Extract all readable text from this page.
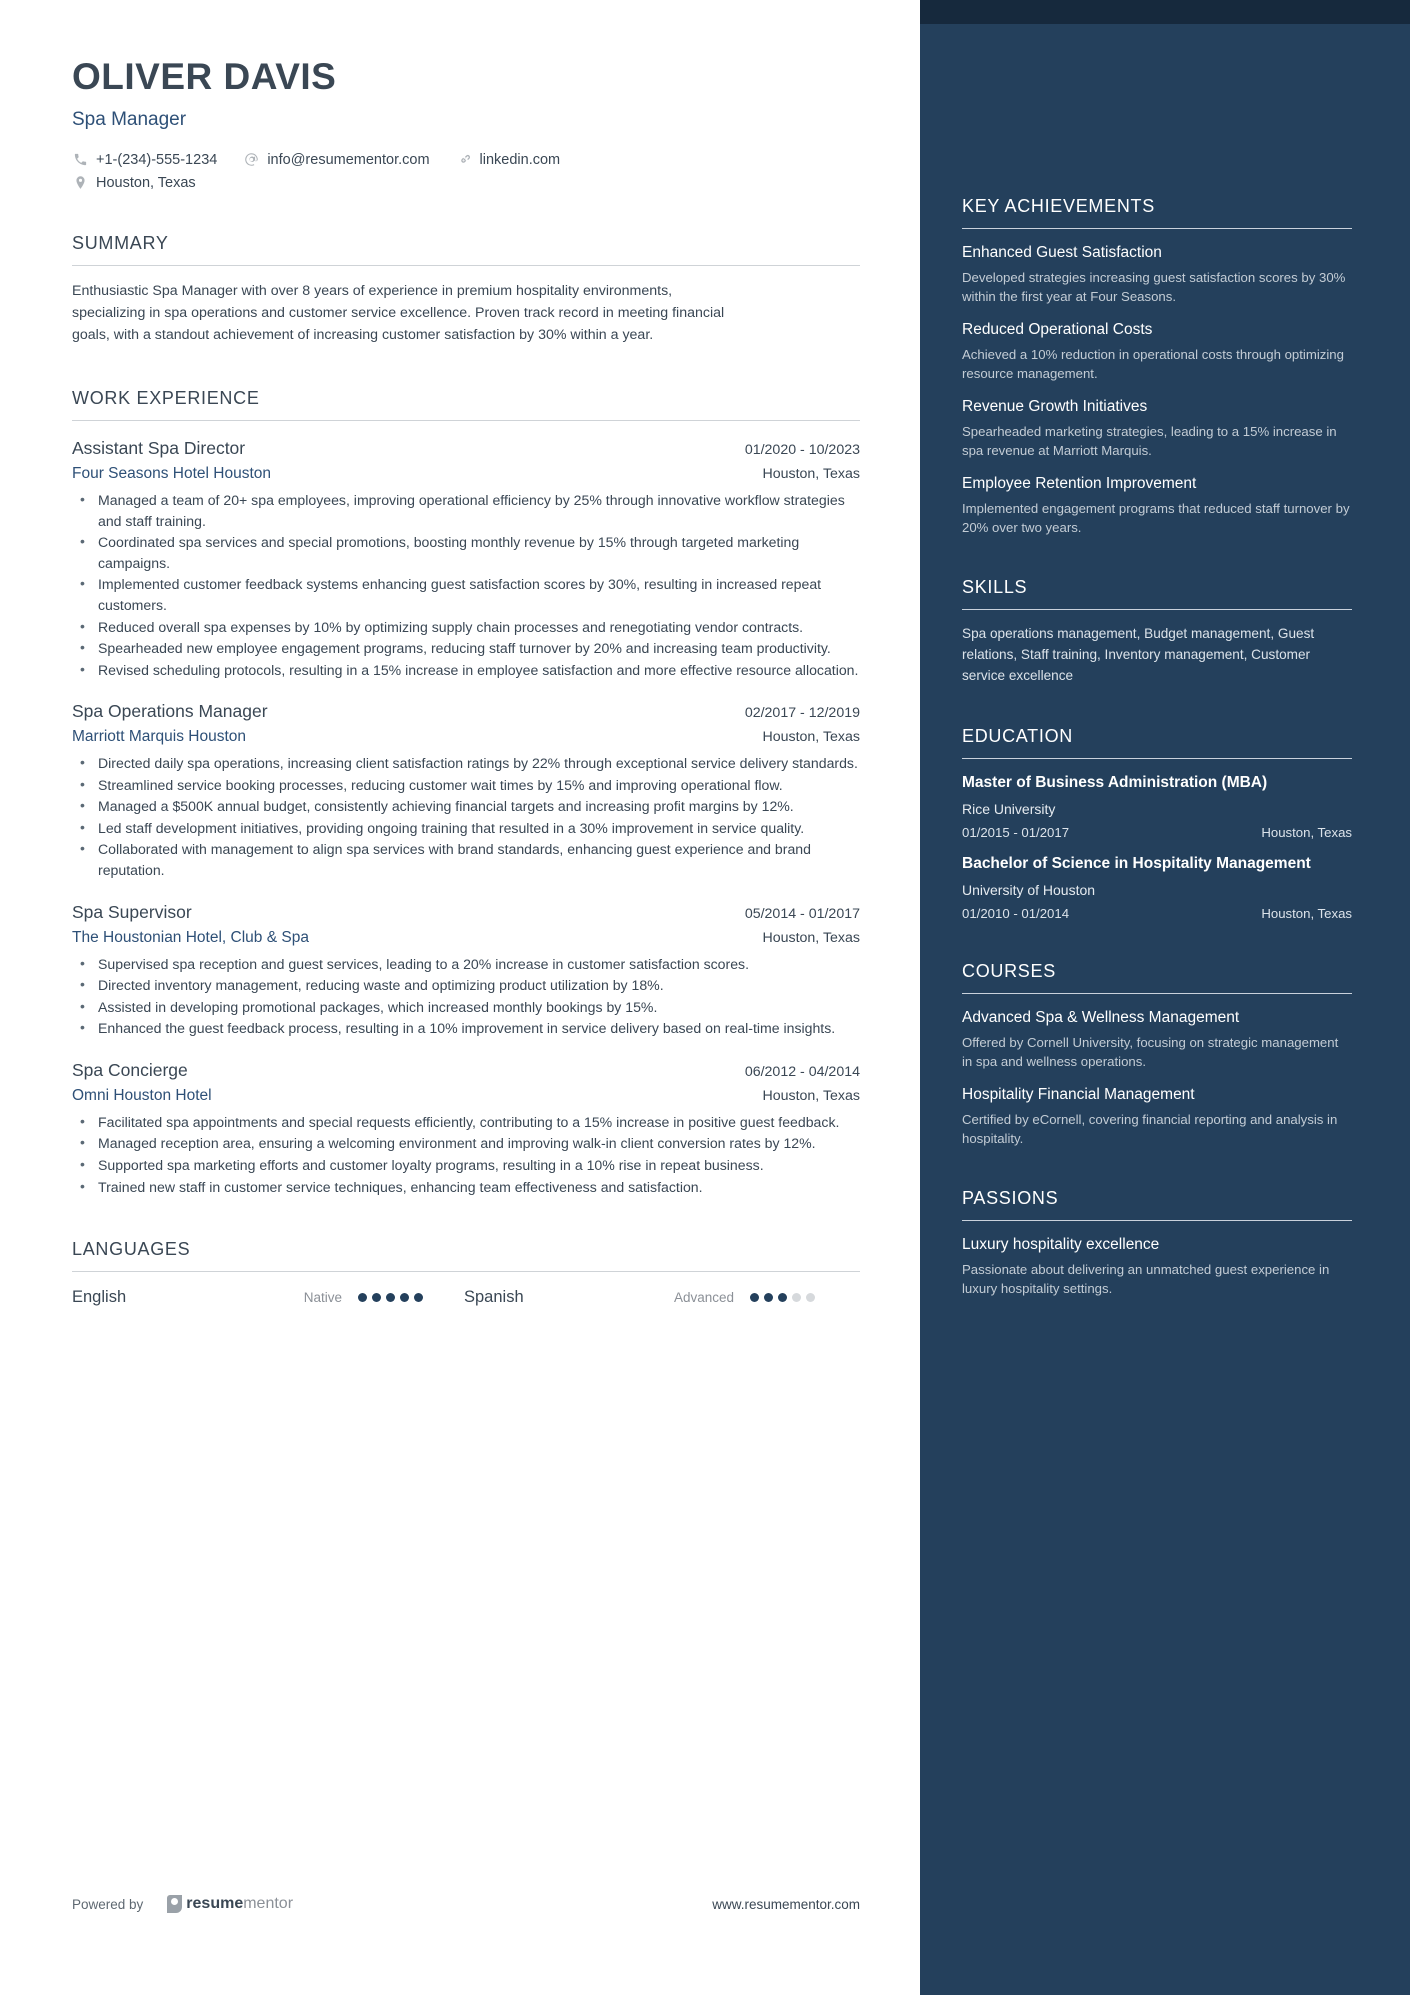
OLIVER DAVIS
Spa Manager
+1-(234)-555-1234	info@resumementor.com	linkedin.com
Houston, Texas
SUMMARY
Enthusiastic Spa Manager with over 8 years of experience in premium hospitality environments, specializing in spa operations and customer service excellence. Proven track record in meeting financial goals, with a standout achievement of increasing customer satisfaction by 30% within a year.
WORK EXPERIENCE
Assistant Spa Director	01/2020 - 10/2023
Four Seasons Hotel Houston	Houston, Texas
• Managed a team of 20+ spa employees, improving operational efficiency by 25% through innovative workflow strategies and staff training.
• Coordinated spa services and special promotions, boosting monthly revenue by 15% through targeted marketing campaigns.
• Implemented customer feedback systems enhancing guest satisfaction scores by 30%, resulting in increased repeat customers.
• Reduced overall spa expenses by 10% by optimizing supply chain processes and renegotiating vendor contracts.
• Spearheaded new employee engagement programs, reducing staff turnover by 20% and increasing team productivity.
• Revised scheduling protocols, resulting in a 15% increase in employee satisfaction and more effective resource allocation.
Spa Operations Manager	02/2017 - 12/2019
Marriott Marquis Houston	Houston, Texas
• Directed daily spa operations, increasing client satisfaction ratings by 22% through exceptional service delivery standards.
• Streamlined service booking processes, reducing customer wait times by 15% and improving operational flow.
• Managed a $500K annual budget, consistently achieving financial targets and increasing profit margins by 12%.
• Led staff development initiatives, providing ongoing training that resulted in a 30% improvement in service quality.
• Collaborated with management to align spa services with brand standards, enhancing guest experience and brand reputation.
Spa Supervisor	05/2014 - 01/2017
The Houstonian Hotel, Club & Spa	Houston, Texas
• Supervised spa reception and guest services, leading to a 20% increase in customer satisfaction scores.
• Directed inventory management, reducing waste and optimizing product utilization by 18%.
• Assisted in developing promotional packages, which increased monthly bookings by 15%.
• Enhanced the guest feedback process, resulting in a 10% improvement in service delivery based on real-time insights.
Spa Concierge	06/2012 - 04/2014
Omni Houston Hotel	Houston, Texas
• Facilitated spa appointments and special requests efficiently, contributing to a 15% increase in positive guest feedback.
• Managed reception area, ensuring a welcoming environment and improving walk-in client conversion rates by 12%.
• Supported spa marketing efforts and customer loyalty programs, resulting in a 10% rise in repeat business.
• Trained new staff in customer service techniques, enhancing team effectiveness and satisfaction.
LANGUAGES
English	Native	Spanish	Advanced
Powered by	resume mentor	www.resumementor.com
KEY ACHIEVEMENTS
Enhanced Guest Satisfaction
Developed strategies increasing guest satisfaction scores by 30% within the first year at Four Seasons.
Reduced Operational Costs
Achieved a 10% reduction in operational costs through optimizing resource management.
Revenue Growth Initiatives
Spearheaded marketing strategies, leading to a 15% increase in spa revenue at Marriott Marquis.
Employee Retention Improvement
Implemented engagement programs that reduced staff turnover by 20% over two years.
SKILLS
Spa operations management, Budget management, Guest relations, Staff training, Inventory management, Customer service excellence
EDUCATION
Master of Business Administration (MBA)
Rice University
01/2015 - 01/2017	Houston, Texas
Bachelor of Science in Hospitality Management
University of Houston
01/2010 - 01/2014	Houston, Texas
COURSES
Advanced Spa & Wellness Management
Offered by Cornell University, focusing on strategic management in spa and wellness operations.
Hospitality Financial Management
Certified by eCornell, covering financial reporting and analysis in hospitality.
PASSIONS
Luxury hospitality excellence
Passionate about delivering an unmatched guest experience in luxury hospitality settings.
